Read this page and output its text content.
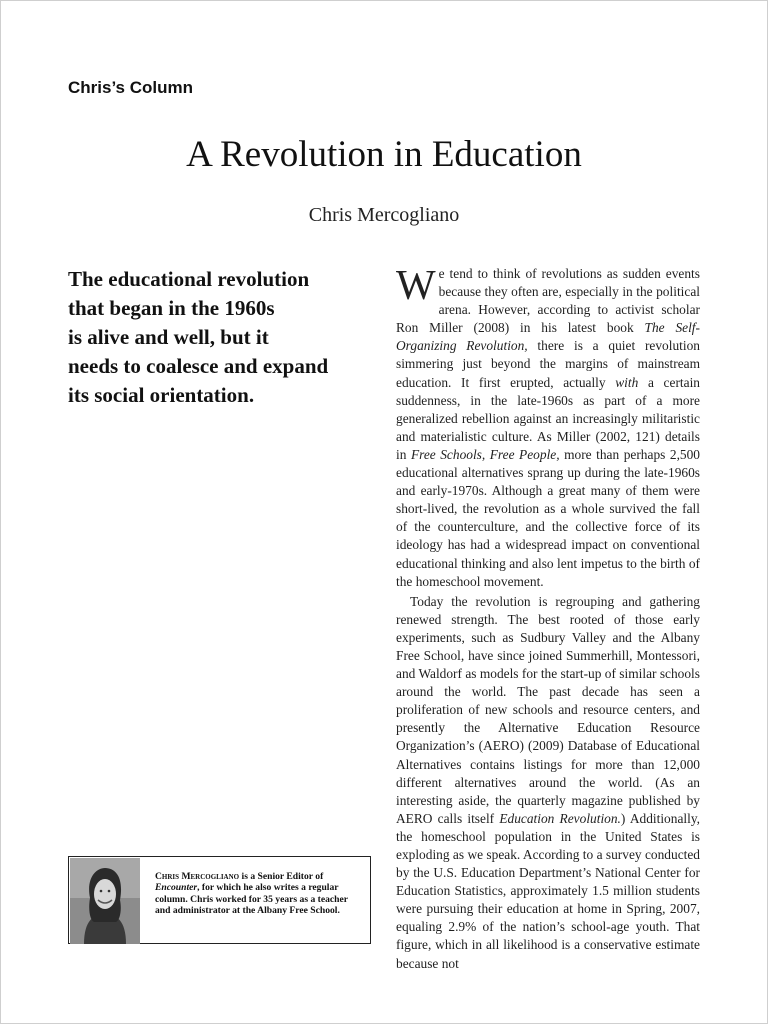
Chris’s Column
A Revolution in Education
Chris Mercogliano
The educational revolution
that began in the 1960s
is alive and well, but it
needs to coalesce and expand
its social orientation.

We tend to think of revolutions as sudden events because they often are, especially in the political arena. However, according to activist scholar Ron Miller (2008) in his latest book The Self-Organizing Revolution, there is a quiet revolution simmering just beyond the margins of mainstream education. It first erupted, actually with a certain suddenness, in the late-1960s as part of a more generalized rebellion against an increasingly militaristic and materialistic culture. As Miller (2002, 121) details in Free Schools, Free People, more than perhaps 2,500 educational alternatives sprang up during the late-1960s and early-1970s. Although a great many of them were short-lived, the revolution as a whole survived the fall of the counterculture, and the collective force of its ideology has had a widespread impact on conventional educational thinking and also lent impetus to the birth of the homeschool movement.

Today the revolution is regrouping and gathering renewed strength. The best rooted of those early experiments, such as Sudbury Valley and the Albany Free School, have since joined Summerhill, Montessori, and Waldorf as models for the start-up of similar schools around the world. The past decade has seen a proliferation of new schools and resource centers, and presently the Alternative Education Resource Organization’s (AERO) (2009) Database of Educational Alternatives contains listings for more than 12,000 different alternatives around the world. (As an interesting aside, the quarterly magazine published by AERO calls itself Education Revolution.) Additionally, the homeschool population in the United States is exploding as we speak. According to a survey conducted by the U.S. Education Department’s National Center for Education Statistics, approximately 1.5 million students were pursuing their education at home in Spring, 2007, equaling 2.9% of the nation’s school-age youth. That figure, which in all likelihood is a conservative estimate because not

Chris Mercogliano is a Senior Editor of Encounter, for which he also writes a regular column. Chris worked for 35 years as a teacher and administrator at the Albany Free School.
